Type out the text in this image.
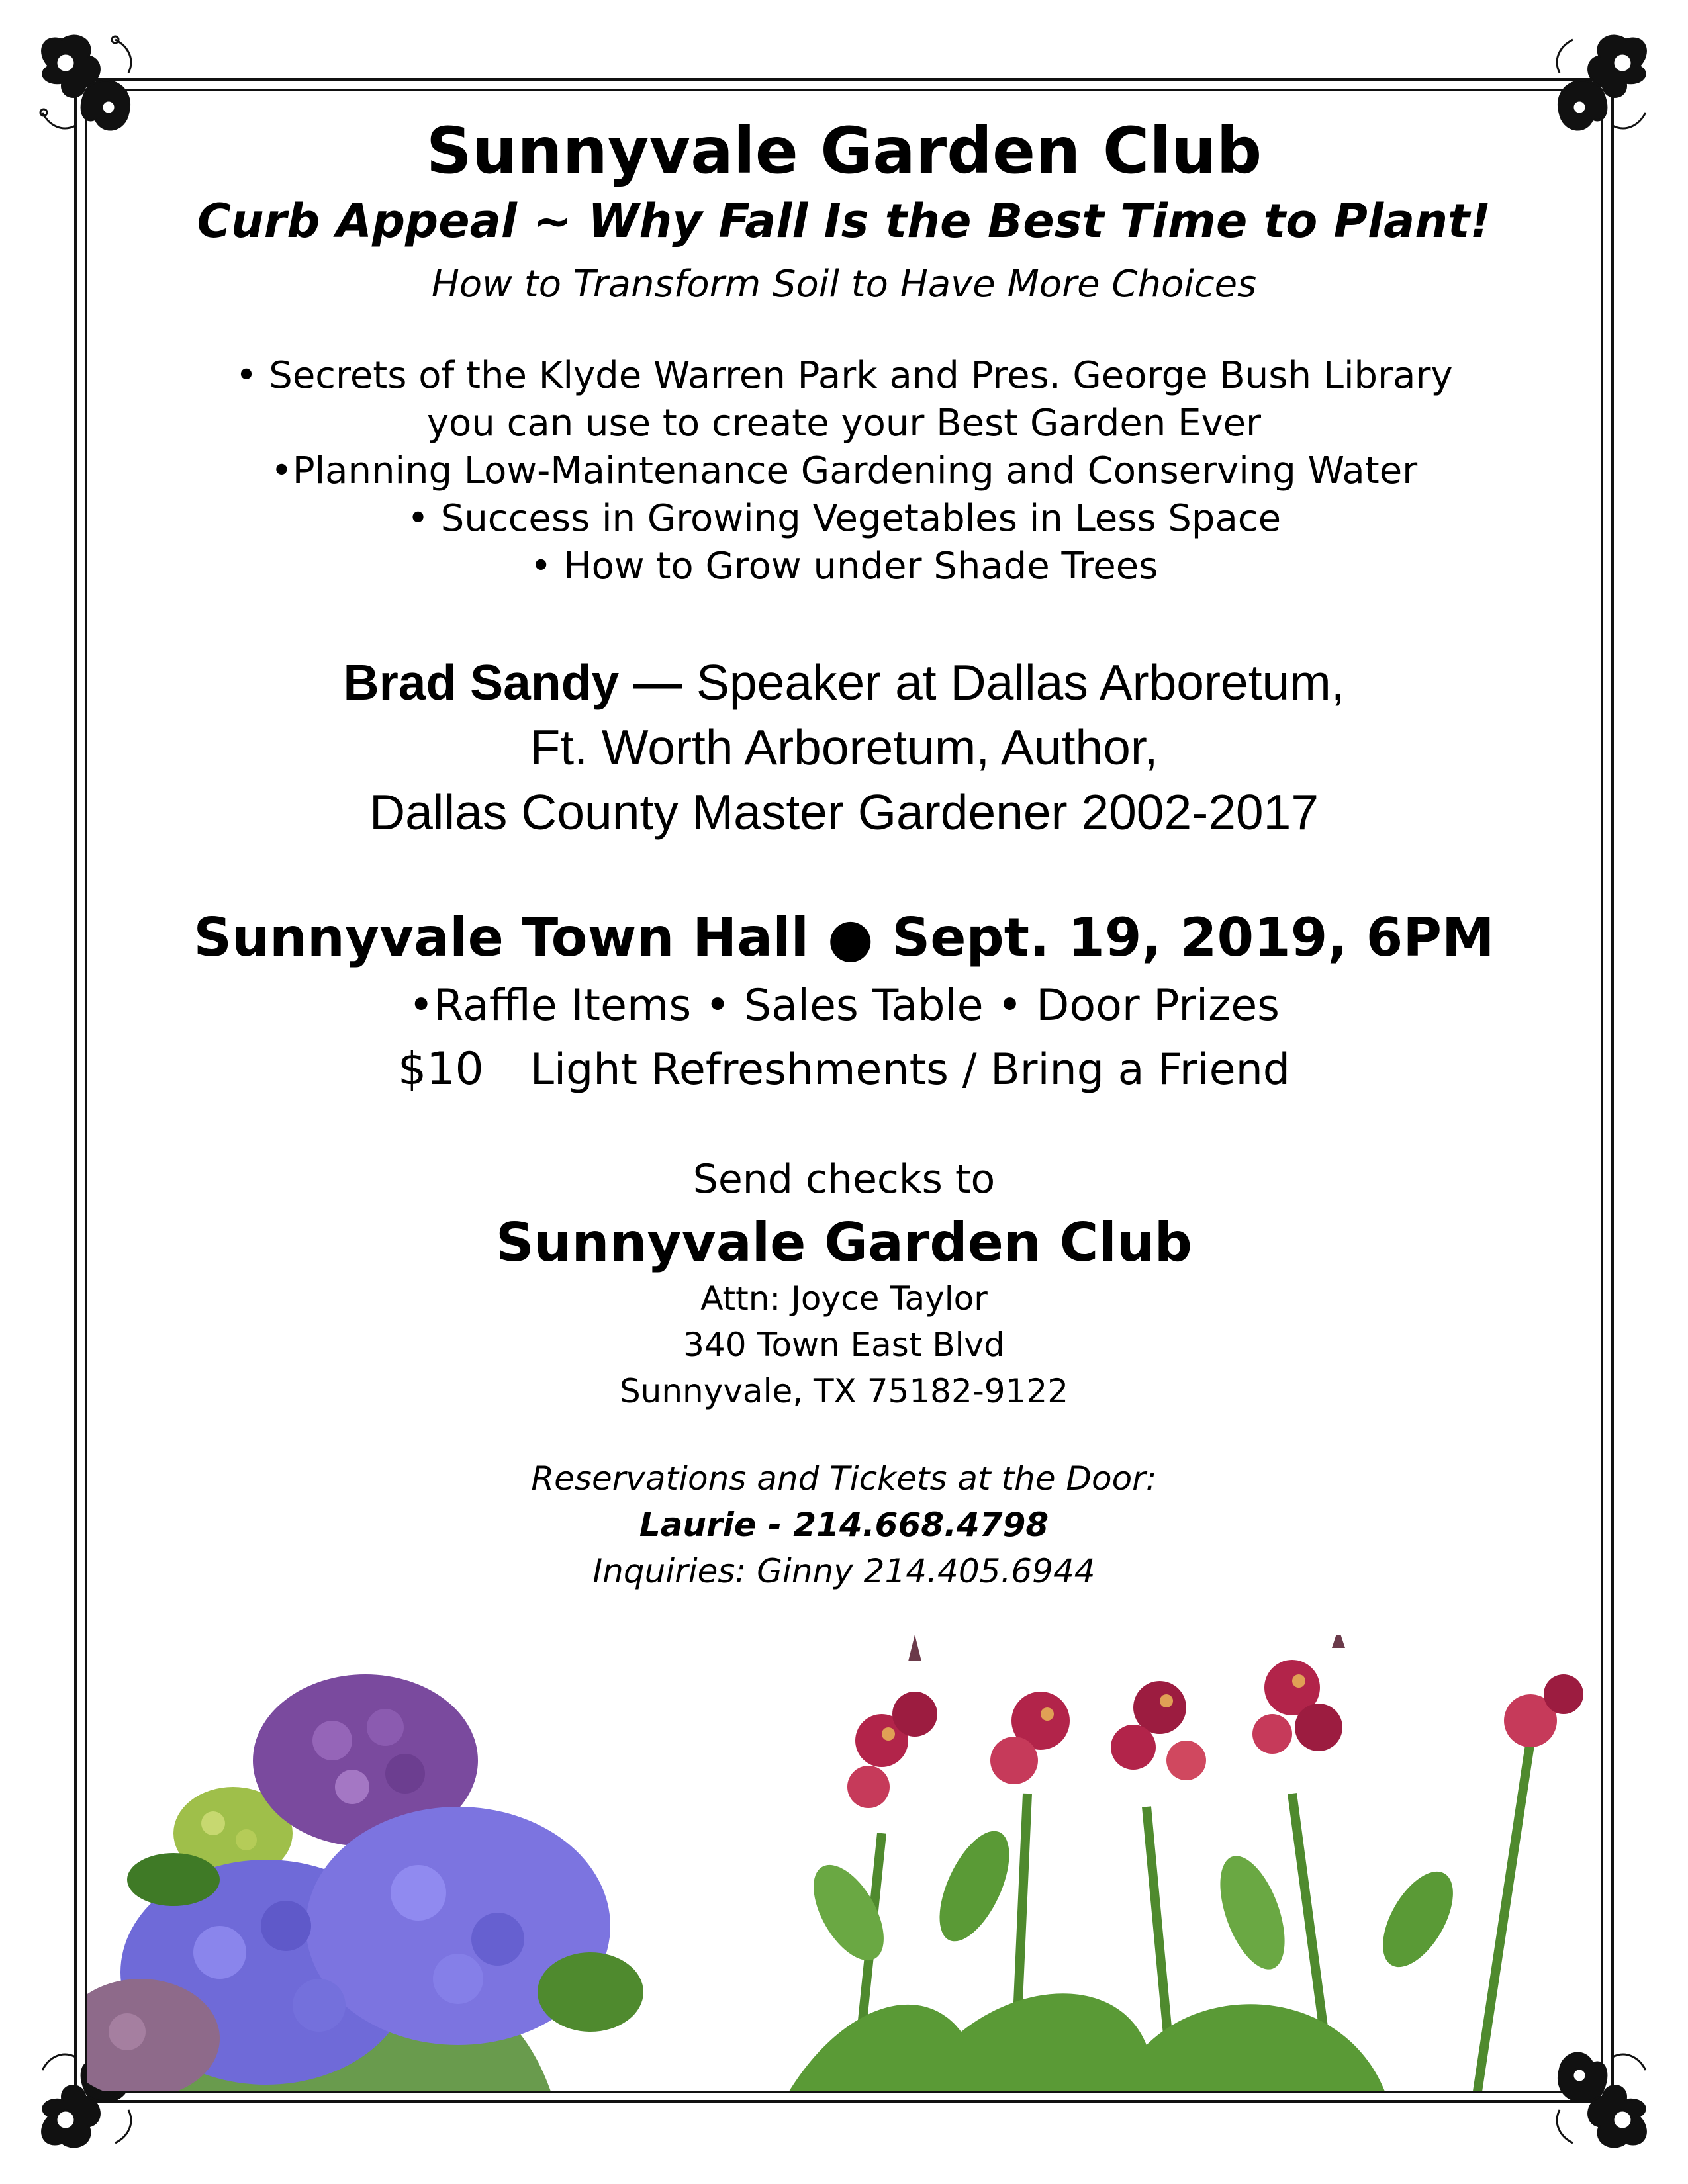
Sunnyvale Garden Club
Curb Appeal ~ Why Fall Is the Best Time to Plant!
How to Transform Soil to Have More Choices
• Secrets of the Klyde Warren Park and Pres. George Bush Library
you can use to create your Best Garden Ever
•Planning Low-Maintenance Gardening and Conserving Water
• Success in Growing Vegetables in Less Space
• How to Grow under Shade Trees
Brad Sandy — Speaker at Dallas Arboretum,
Ft. Worth Arboretum, Author,
Dallas County Master Gardener 2002-2017
Sunnyvale Town Hall ● Sept. 19, 2019, 6PM
•Raffle Items • Sales Table • Door Prizes
$10 Light Refreshments / Bring a Friend
Send checks to
Sunnyvale Garden Club
Attn: Joyce Taylor
340 Town East Blvd
Sunnyvale, TX 75182-9122
Reservations and Tickets at the Door:
Laurie - 214.668.4798
Inquiries: Ginny 214.405.6944
